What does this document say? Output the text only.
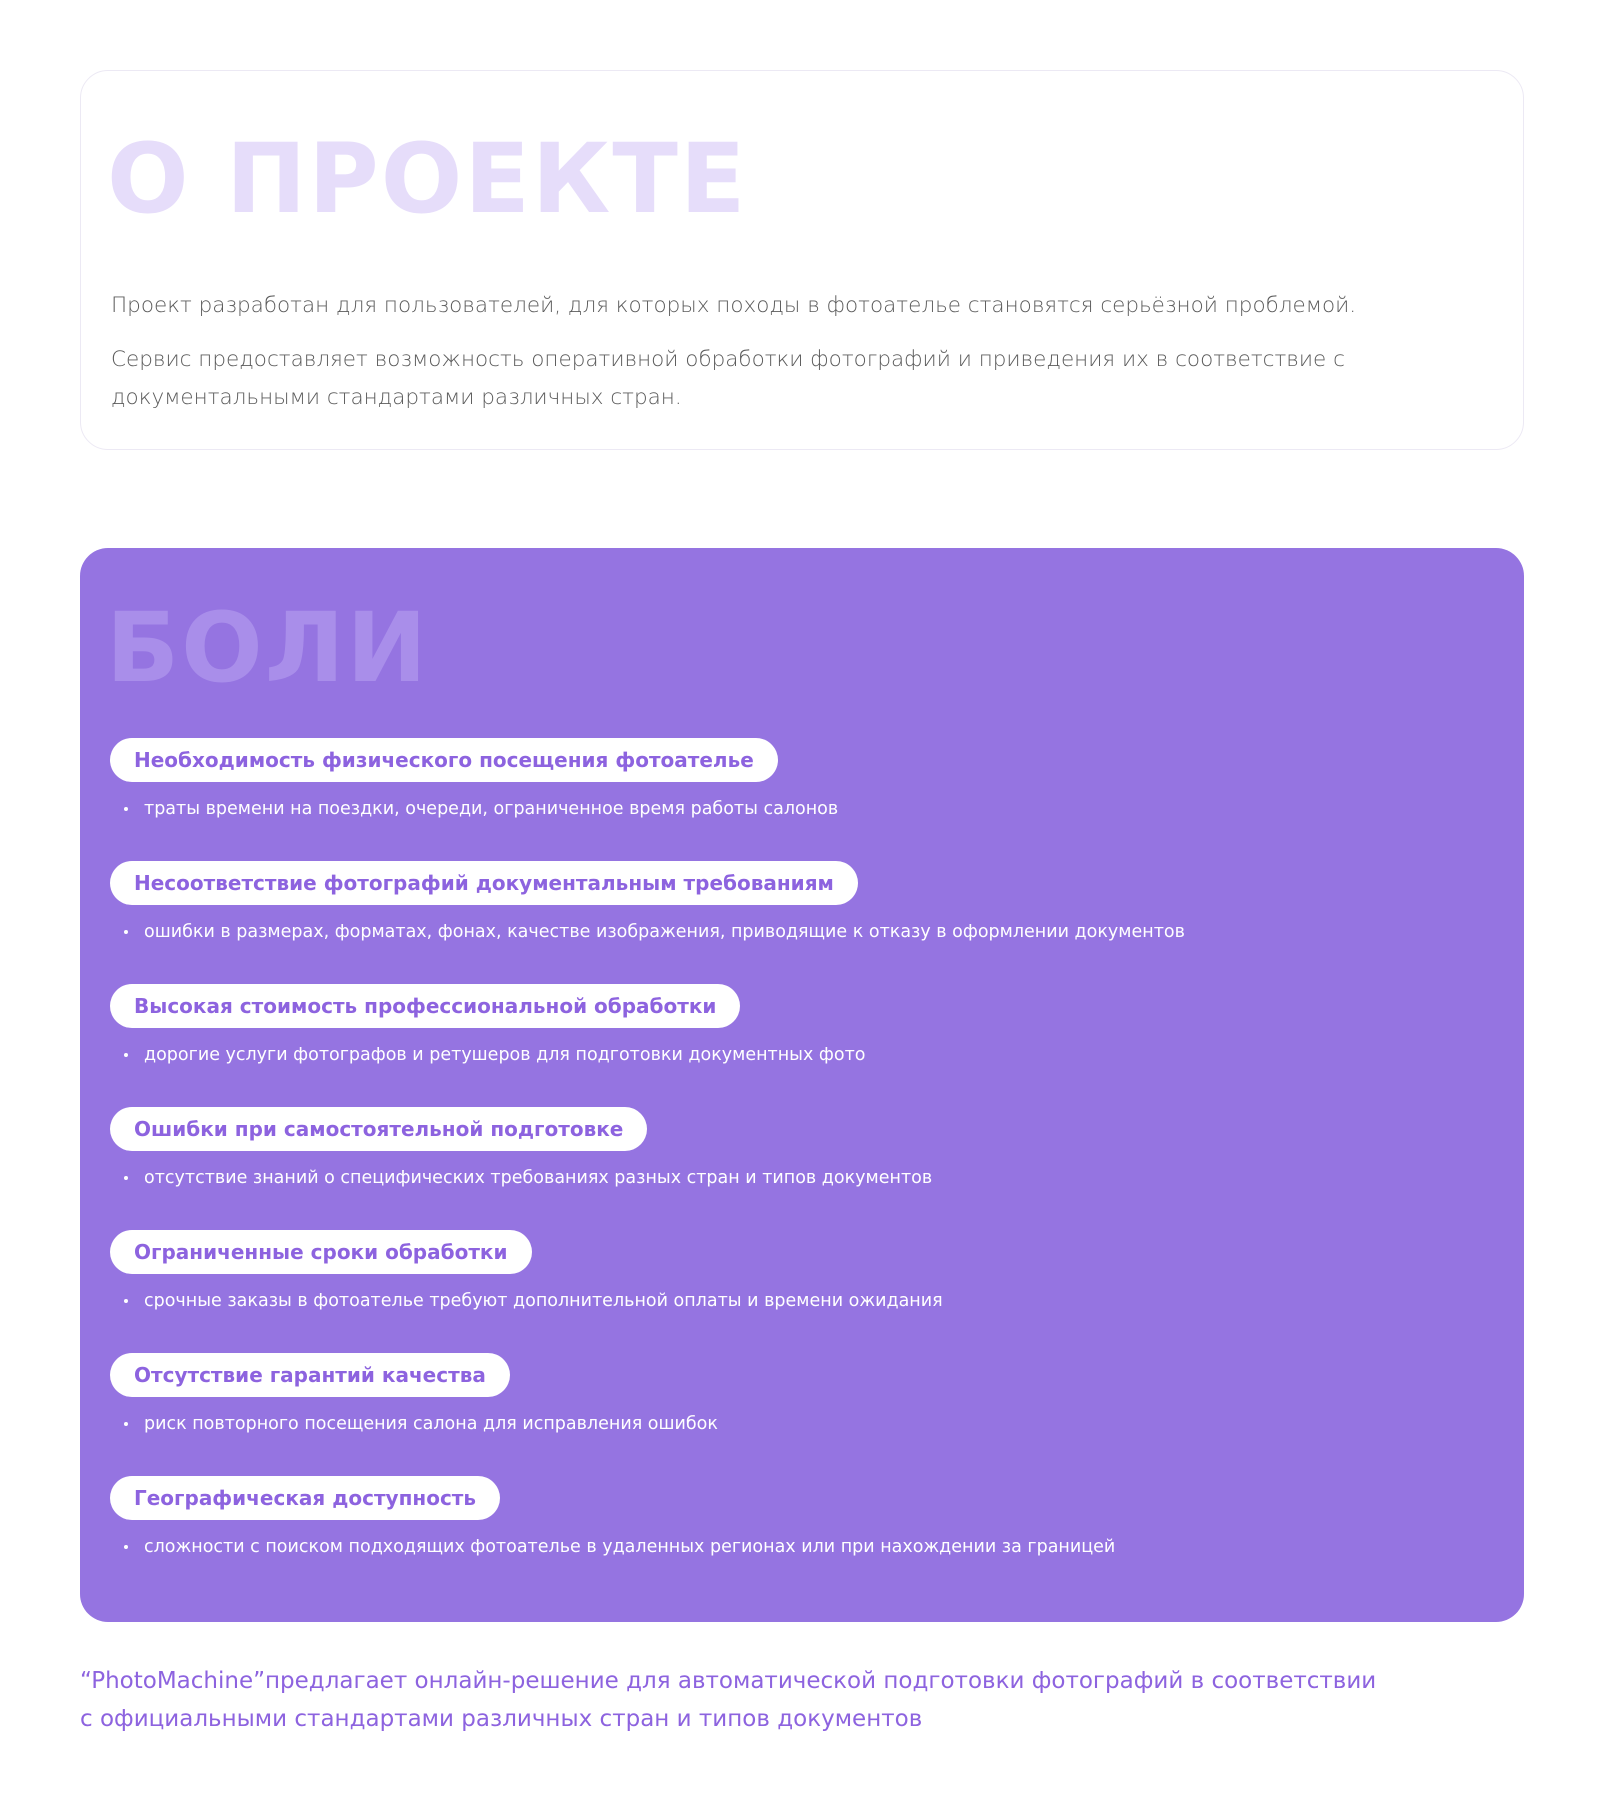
О ПРОЕКТЕ

Проект разработан для пользователей, для которых походы в фотоателье становятся серьёзной проблемой.

Сервис предоставляет возможность оперативной обработки фотографий и приведения их в соответствие с документальными стандартами различных стран.

БОЛИ
Необходимость физического посещения фотоателье
траты времени на поездки, очереди, ограниченное время работы салонов
Несоответствие фотографий документальным требованиям
ошибки в размерах, форматах, фонах, качестве изображения, приводящие к отказу в оформлении документов
Высокая стоимость профессиональной обработки
дорогие услуги фотографов и ретушеров для подготовки документных фото
Ошибки при самостоятельной подготовке
отсутствие знаний о специфических требованиях разных стран и типов документов
Ограниченные сроки обработки
срочные заказы в фотоателье требуют дополнительной оплаты и времени ожидания
Отсутствие гарантий качества
риск повторного посещения салона для исправления ошибок
Географическая доступность
сложности с поиском подходящих фотоателье в удаленных регионах или при нахождении за границей
“PhotoMachine”предлагает онлайн-решение для автоматической подготовки фотографий в соответствии
с официальными стандартами различных стран и типов документов
